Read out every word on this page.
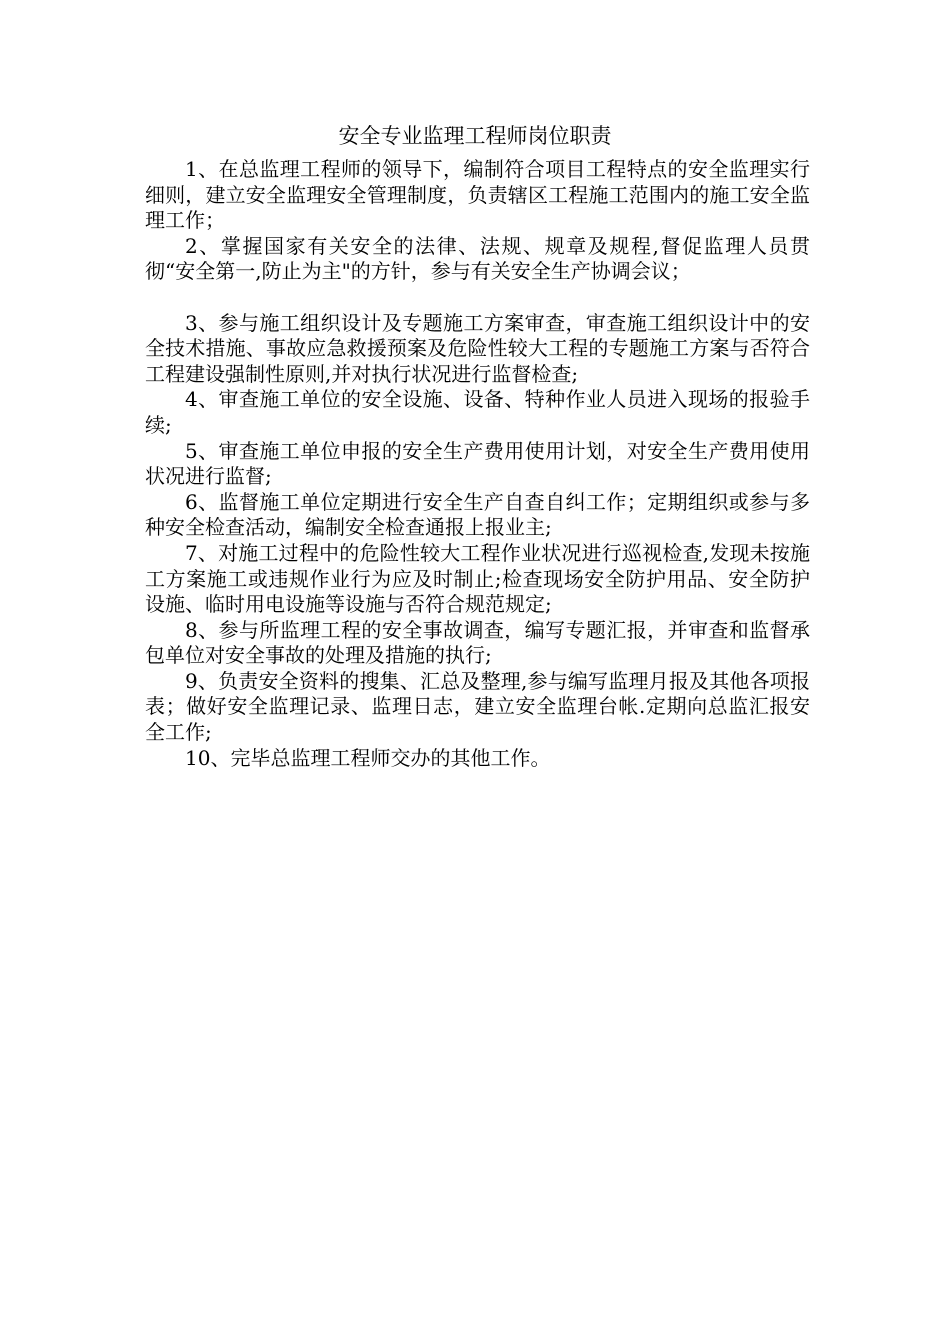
安全专业监理工程师岗位职责

1、在总监理工程师的领导下，编制符合项目工程特点的安全监理实行细则，建立安全监理安全管理制度，负责辖区工程施工范围内的施工安全监理工作；

2、掌握国家有关安全的法律、法规、规章及规程,督促监理人员贯彻“安全第一,防止为主"的方针，参与有关安全生产协调会议；

3、参与施工组织设计及专题施工方案审查，审查施工组织设计中的安全技术措施、事故应急救援预案及危险性较大工程的专题施工方案与否符合工程建设强制性原则,并对执行状况进行监督检查;

4、审查施工单位的安全设施、设备、特种作业人员进入现场的报验手续;

5、审查施工单位申报的安全生产费用使用计划，对安全生产费用使用状况进行监督;

6、监督施工单位定期进行安全生产自查自纠工作；定期组织或参与多种安全检查活动，编制安全检查通报上报业主;

7、对施工过程中的危险性较大工程作业状况进行巡视检查,发现未按施工方案施工或违规作业行为应及时制止;检查现场安全防护用品、安全防护设施、临时用电设施等设施与否符合规范规定;

8、参与所监理工程的安全事故调查，编写专题汇报，并审查和监督承包单位对安全事故的处理及措施的执行;

9、负责安全资料的搜集、汇总及整理,参与编写监理月报及其他各项报表；做好安全监理记录、监理日志，建立安全监理台帐.定期向总监汇报安全工作;

10、完毕总监理工程师交办的其他工作。
